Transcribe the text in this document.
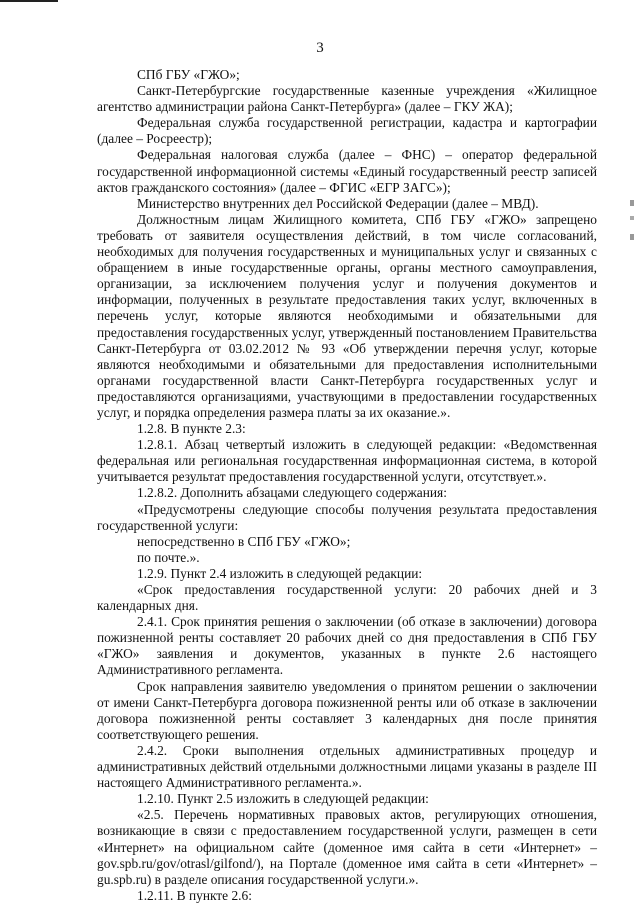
3

СПб ГБУ «ГЖО»;

Санкт-Петербургские государственные казенные учреждения «Жилищное агентство администрации района Санкт-Петербурга» (далее – ГКУ ЖА);

Федеральная служба государственной регистрации, кадастра и картографии (далее – Росреестр);

Федеральная налоговая служба (далее – ФНС) – оператор федеральной государственной информационной системы «Единый государственный реестр записей актов гражданского состояния» (далее – ФГИС «ЕГР ЗАГС»);

Министерство внутренних дел Российской Федерации (далее – МВД).

Должностным лицам Жилищного комитета, СПб ГБУ «ГЖО» запрещено требовать от заявителя осуществления действий, в том числе согласований, необходимых для получения государственных и муниципальных услуг и связанных с обращением в иные государственные органы, органы местного самоуправления, организации, за исключением получения услуг и получения документов и информации, полученных в результате предоставления таких услуг, включенных в перечень услуг, которые являются необходимыми и обязательными для предоставления государственных услуг, утвержденный постановлением Правительства Санкт-Петербурга от 03.02.2012 № 93 «Об утверждении перечня услуг, которые являются необходимыми и обязательными для предоставления исполнительными органами государственной власти Санкт-Петербурга государственных услуг и предоставляются организациями, участвующими в предоставлении государственных услуг, и порядка определения размера платы за их оказание.».

1.2.8. В пункте 2.3:

1.2.8.1. Абзац четвертый изложить в следующей редакции: «Ведомственная федеральная или региональная государственная информационная система, в которой учитывается результат предоставления государственной услуги, отсутствует.».

1.2.8.2. Дополнить абзацами следующего содержания:

«Предусмотрены следующие способы получения результата предоставления государственной услуги:

непосредственно в СПб ГБУ «ГЖО»;

по почте.».

1.2.9. Пункт 2.4 изложить в следующей редакции:

«Срок предоставления государственной услуги: 20 рабочих дней и 3 календарных дня.

2.4.1. Срок принятия решения о заключении (об отказе в заключении) договора пожизненной ренты составляет 20 рабочих дней со дня предоставления в СПб ГБУ «ГЖО» заявления и документов, указанных в пункте 2.6 настоящего Административного регламента.

Срок направления заявителю уведомления о принятом решении о заключении от имени Санкт-Петербурга договора пожизненной ренты или об отказе в заключении договора пожизненной ренты составляет 3 календарных дня после принятия соответствующего решения.

2.4.2. Сроки выполнения отдельных административных процедур и административных действий отдельными должностными лицами указаны в разделе III настоящего Административного регламента.».

1.2.10. Пункт 2.5 изложить в следующей редакции:

«2.5. Перечень нормативных правовых актов, регулирующих отношения, возникающие в связи с предоставлением государственной услуги, размещен в сети «Интернет» на официальном сайте (доменное имя сайта в сети «Интернет» – gov.spb.ru/gov/otrasl/gilfond/), на Портале (доменное имя сайта в сети «Интернет» – gu.spb.ru) в разделе описания государственной услуги.».

1.2.11. В пункте 2.6:
